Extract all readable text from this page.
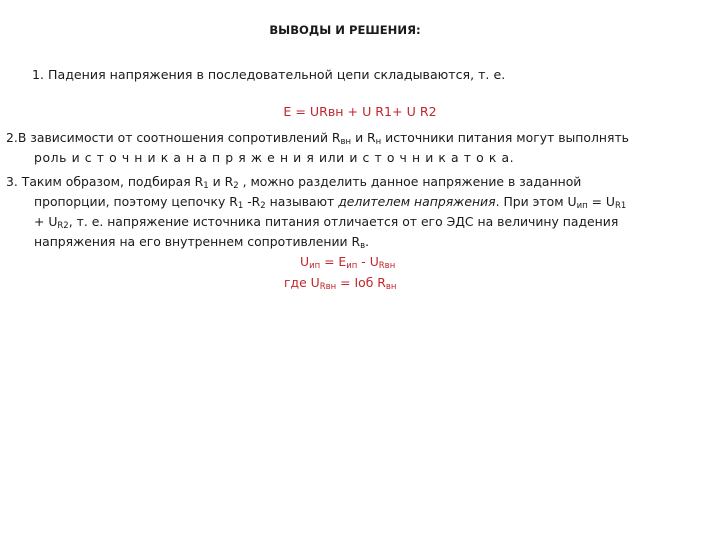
ВЫВОДЫ И РЕШЕНИЯ:
1. Падения напряжения в последовательной цепи складываются, т. е.
E = URвн + U R1+ U R2
2.В зависимости от соотношения сопротивлений $R_{вн}$ и $R_н$ источники питания могут выполнять
роль и с т о ч н и к а н а п р я ж е н и я или и с т о ч н и к а т о к а.
3. Таким образом, подбирая $R_1$ и $R_2$ , можно разделить данное напряжение в заданной
пропорции, поэтому цепочку $R_1$ $-R_2$ называют делителем напряжения. При этом $U_{ип} = U_{R1}$
+ $U_{R2}$, т. е. напряжение источника питания отличается от его ЭДС на величину падения
напряжения на его внутреннем сопротивлении $R_в$.
$U_{ип} = E_{ип} - U_{Rвн}$
где $U_{Rвн}$ = Iоб $R_{вн}$
